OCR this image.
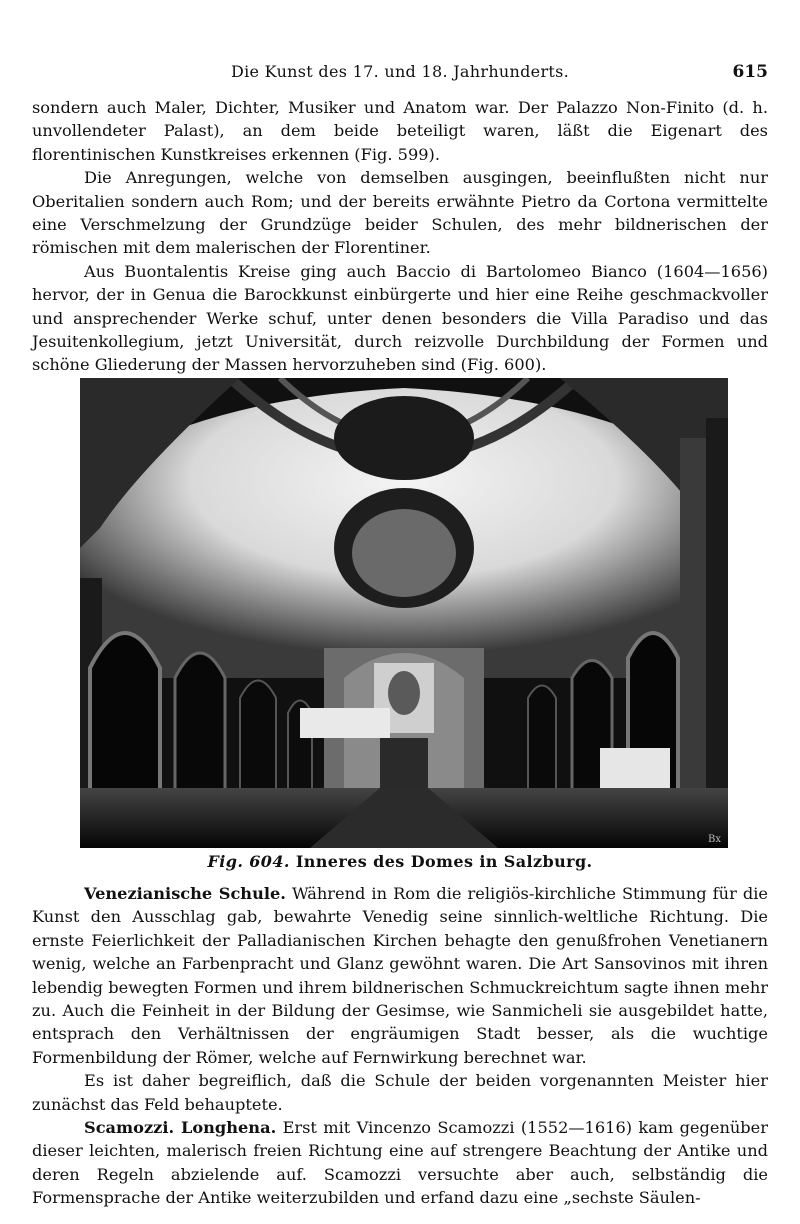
Die Kunst des 17. und 18. Jahrhunderts.	615

sondern auch Maler, Dichter, Musiker und Anatom war. Der Palazzo Non-Finito (d. h. unvollendeter Palast), an dem beide beteiligt waren, läßt die Eigenart des florentinischen Kunstkreises erkennen (Fig. 599).

Die Anregungen, welche von demselben ausgingen, beeinflußten nicht nur Oberitalien sondern auch Rom; und der bereits erwähnte Pietro da Cortona vermittelte eine Verschmelzung der Grundzüge beider Schulen, des mehr bildnerischen der römischen mit dem malerischen der Florentiner.

Aus Buontalentis Kreise ging auch Baccio di Bartolomeo Bianco (1604—1656) hervor, der in Genua die Barockkunst einbürgerte und hier eine Reihe geschmackvoller und ansprechender Werke schuf, unter denen besonders die Villa Paradiso und das Jesuitenkollegium, jetzt Universität, durch reizvolle Durchbildung der Formen und schöne Gliederung der Massen hervorzuheben sind (Fig. 600).

Bx
Fig. 604. Inneres des Domes in Salzburg.

Venezianische Schule. Während in Rom die religiös-kirchliche Stimmung für die Kunst den Ausschlag gab, bewahrte Venedig seine sinnlich-weltliche Richtung. Die ernste Feierlichkeit der Palladianischen Kirchen behagte den genußfrohen Venetianern wenig, welche an Farbenpracht und Glanz gewöhnt waren. Die Art Sansovinos mit ihren lebendig bewegten Formen und ihrem bildnerischen Schmuckreichtum sagte ihnen mehr zu. Auch die Feinheit in der Bildung der Gesimse, wie Sanmicheli sie ausgebildet hatte, entsprach den Verhältnissen der engräumigen Stadt besser, als die wuchtige Formenbildung der Römer, welche auf Fernwirkung berechnet war.

Es ist daher begreiflich, daß die Schule der beiden vorgenannten Meister hier zunächst das Feld behauptete.

Scamozzi. Longhena. Erst mit Vincenzo Scamozzi (1552—1616) kam gegenüber dieser leichten, malerisch freien Richtung eine auf strengere Beachtung der Antike und deren Regeln abzielende auf. Scamozzi versuchte aber auch, selbständig die Formensprache der Antike weiterzubilden und erfand dazu eine „sechste Säulen-
